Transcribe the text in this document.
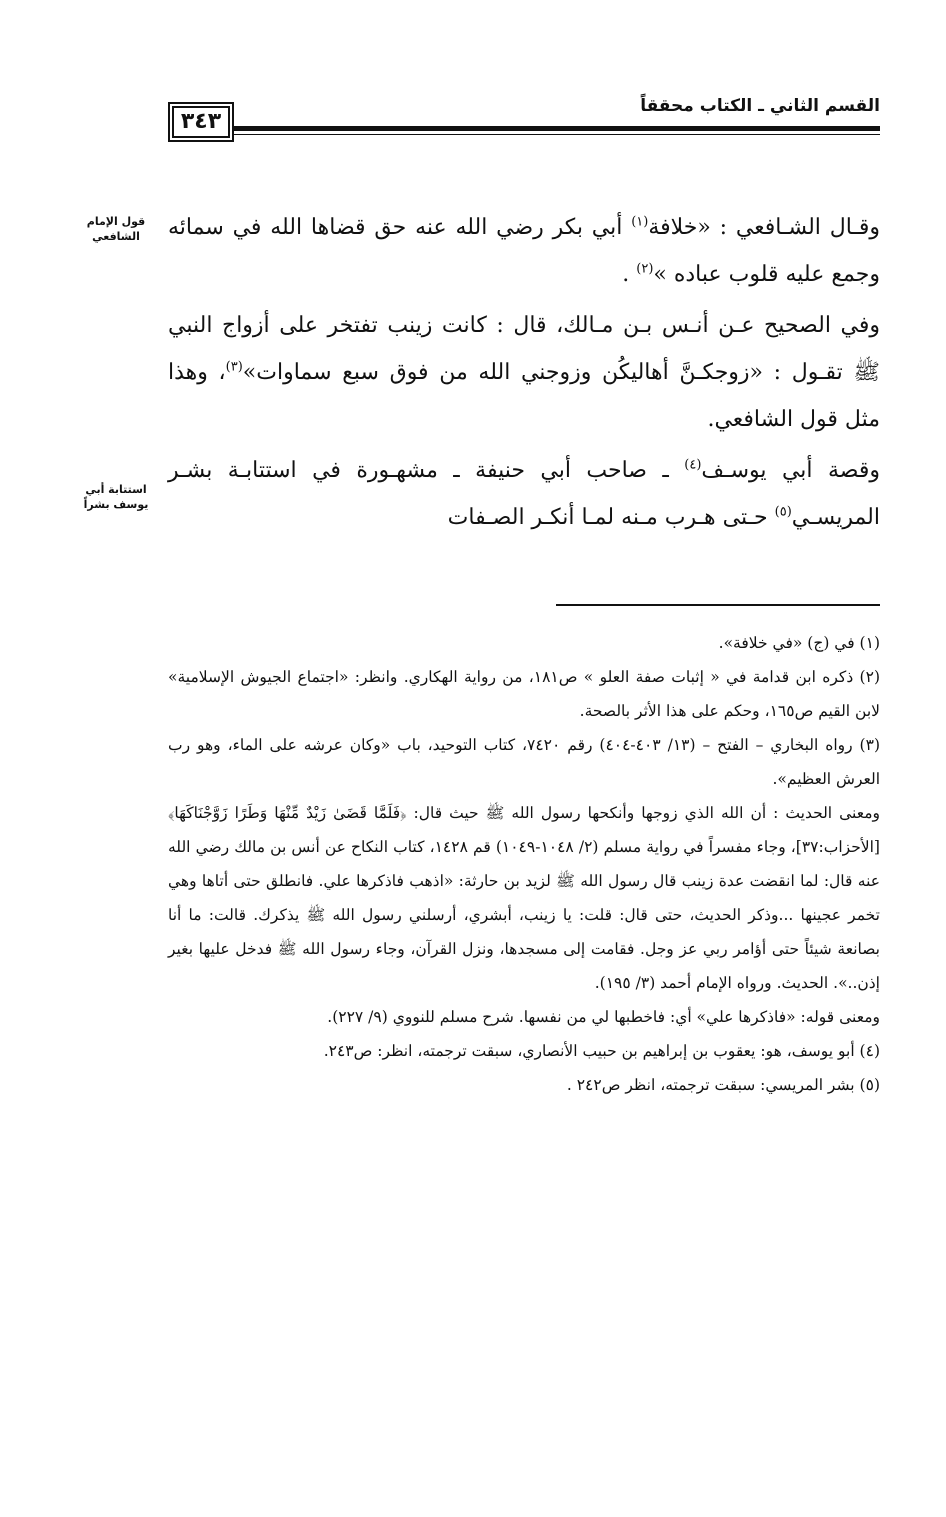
٣٤٣
القسم الثاني ـ الكتاب محققاً
قول الإمام الشافعي
استتابة أبي يوسف بشراً

وقـال الشـافعي : «خلافة$^{(١)}$ أبي بكر رضي الله عنه حق قضاها الله في سمائه وجمع عليه قلوب عباده »$^{(٢)}$ .

وفي الصحيح عـن أنـس بـن مـالك، قال : كانت زينب تفتخر على أزواج النبي ﷺ تقـول : «زوجكـنَّ أهاليكُن وزوجني الله من فوق سبع سماوات»$^{(٣)}$، وهذا مثل قول الشافعي.

وقصة أبي يوسـف$^{(٤)}$ ـ صاحب أبي حنيفة ـ مشهـورة في استتابـة بشـر المريسـي$^{(٥)}$ حـتى هـرب مـنه لمـا أنكـر الصـفات

(١) في (ج) «في خلافة».

(٢) ذكره ابن قدامة في « إثبات صفة العلو » ص١٨١، من رواية الهكاري. وانظر: «اجتماع الجيوش الإسلامية» لابن القيم ص١٦٥، وحكم على هذا الأثر بالصحة.

(٣) رواه البخاري – الفتح – (١٣/ ٤٠٣-٤٠٤) رقم ٧٤٢٠، كتاب التوحيد، باب «وكان عرشه على الماء، وهو رب العرش العظيم».

ومعنى الحديث : أن الله الذي زوجها وأنكحها رسول الله ﷺ حيث قال: ﴿فَلَمَّا قَضَىٰ زَيْدٌ مِّنْهَا وَطَرًا زَوَّجْنَاكَهَا﴾ [الأحزاب:٣٧]، وجاء مفسراً في رواية مسلم (٢/ ١٠٤٨-١٠٤٩) قم ١٤٢٨، كتاب النكاح عن أنس بن مالك رضي الله عنه قال: لما انقضت عدة زينب قال رسول الله ﷺ لزيد بن حارثة: «اذهب فاذكرها علي. فانطلق حتى أتاها وهي تخمر عجينها ...وذكر الحديث، حتى قال: قلت: يا زينب، أبشري، أرسلني رسول الله ﷺ يذكرك. قالت: ما أنا بصانعة شيئاً حتى أؤامر ربي عز وجل. فقامت إلى مسجدها، ونزل القرآن، وجاء رسول الله ﷺ فدخل عليها بغير إذن..». الحديث. ورواه الإمام أحمد (٣/ ١٩٥).

ومعنى قوله: «فاذكرها علي» أي: فاخطبها لي من نفسها. شرح مسلم للنووي (٩/ ٢٢٧).

(٤) أبو يوسف، هو: يعقوب بن إبراهيم بن حبيب الأنصاري، سبقت ترجمته، انظر: ص٢٤٣.

(٥) بشر المريسي: سبقت ترجمته، انظر ص٢٤٢ .
